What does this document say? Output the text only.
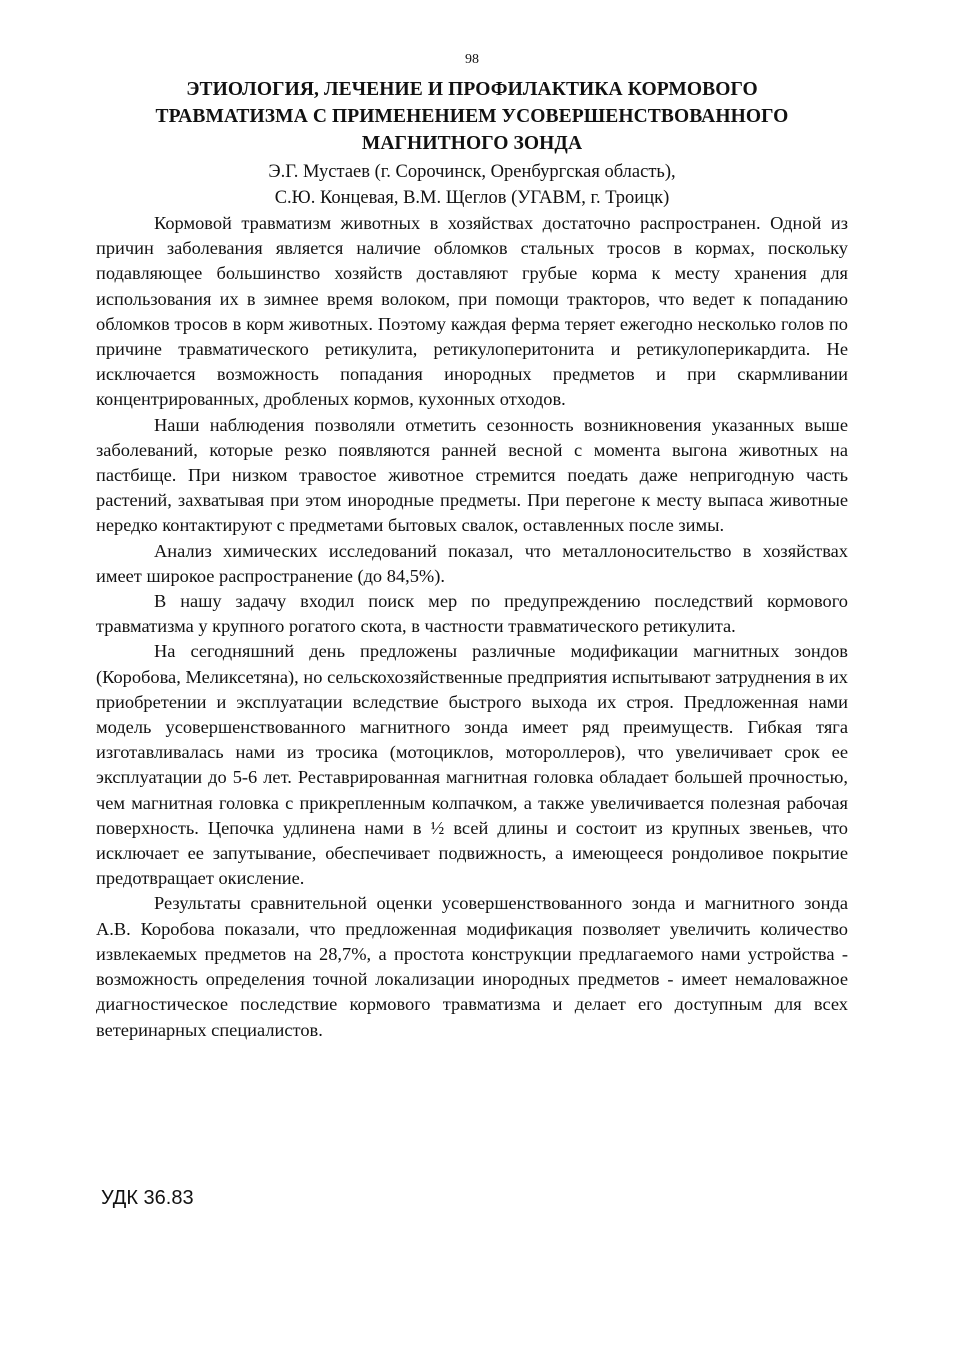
98
ЭТИОЛОГИЯ, ЛЕЧЕНИЕ И ПРОФИЛАКТИКА КОРМОВОГО
ТРАВМАТИЗМА С ПРИМЕНЕНИЕМ УСОВЕРШЕНСТВОВАННОГО
МАГНИТНОГО ЗОНДА
Э.Г. Мустаев (г. Сорочинск, Оренбургская область),
С.Ю. Концевая, В.М. Щеглов (УГАВМ, г. Троицк)

Кормовой травматизм животных в хозяйствах достаточно распространен. Одной из причин заболевания является наличие обломков стальных тросов в кормах, поскольку подавляющее большинство хозяйств доставляют грубые корма к месту хранения для использования их в зимнее время волоком, при помощи тракторов, что ведет к попаданию обломков тросов в корм животных. Поэтому каждая ферма теряет ежегодно несколько голов по причине травматического ретикулита, ретикулоперитонита и ретикулоперикардита. Не исключается возможность попадания инородных предметов и при скармливании концентрированных, дробленых кормов, кухонных отходов.

Наши наблюдения позволяли отметить сезонность возникновения указанных выше заболеваний, которые резко появляются ранней весной с момента выгона животных на пастбище. При низком травостое животное стремится поедать даже непригодную часть растений, захватывая при этом инородные предметы. При перегоне к месту выпаса животные нередко контактируют с предметами бытовых свалок, оставленных после зимы.

Анализ химических исследований показал, что металлоносительство в хозяйствах имеет широкое распространение (до 84,5%).

В нашу задачу входил поиск мер по предупреждению последствий кормового травматизма у крупного рогатого скота, в частности травматического ретикулита.

На сегодняшний день предложены различные модификации магнитных зондов (Коробова, Меликсетяна), но сельскохозяйственные предприятия испытывают затруднения в их приобретении и эксплуатации вследствие быстрого выхода их строя. Предложенная нами модель усовершенствованного магнитного зонда имеет ряд преимуществ. Гибкая тяга изготавливалась нами из тросика (мотоциклов, мотороллеров), что увеличивает срок ее эксплуатации до 5-6 лет. Реставрированная магнитная головка обладает большей прочностью, чем магнитная головка с прикрепленным колпачком, а также увеличивается полезная рабочая поверхность. Цепочка удлинена нами в ½ всей длины и состоит из крупных звеньев, что исключает ее запутывание, обеспечивает подвижность, а имеющееся рондоливое покрытие предотвращает окисление.

Результаты сравнительной оценки усовершенствованного зонда и магнитного зонда А.В. Коробова показали, что предложенная модификация позволяет увеличить количество извлекаемых предметов на 28,7%, а простота конструкции предлагаемого нами устройства - возможность определения точной локализации инородных предметов - имеет немаловажное диагностическое последствие кормового травматизма и делает его доступным для всех ветеринарных специалистов.

УДК 36.83
